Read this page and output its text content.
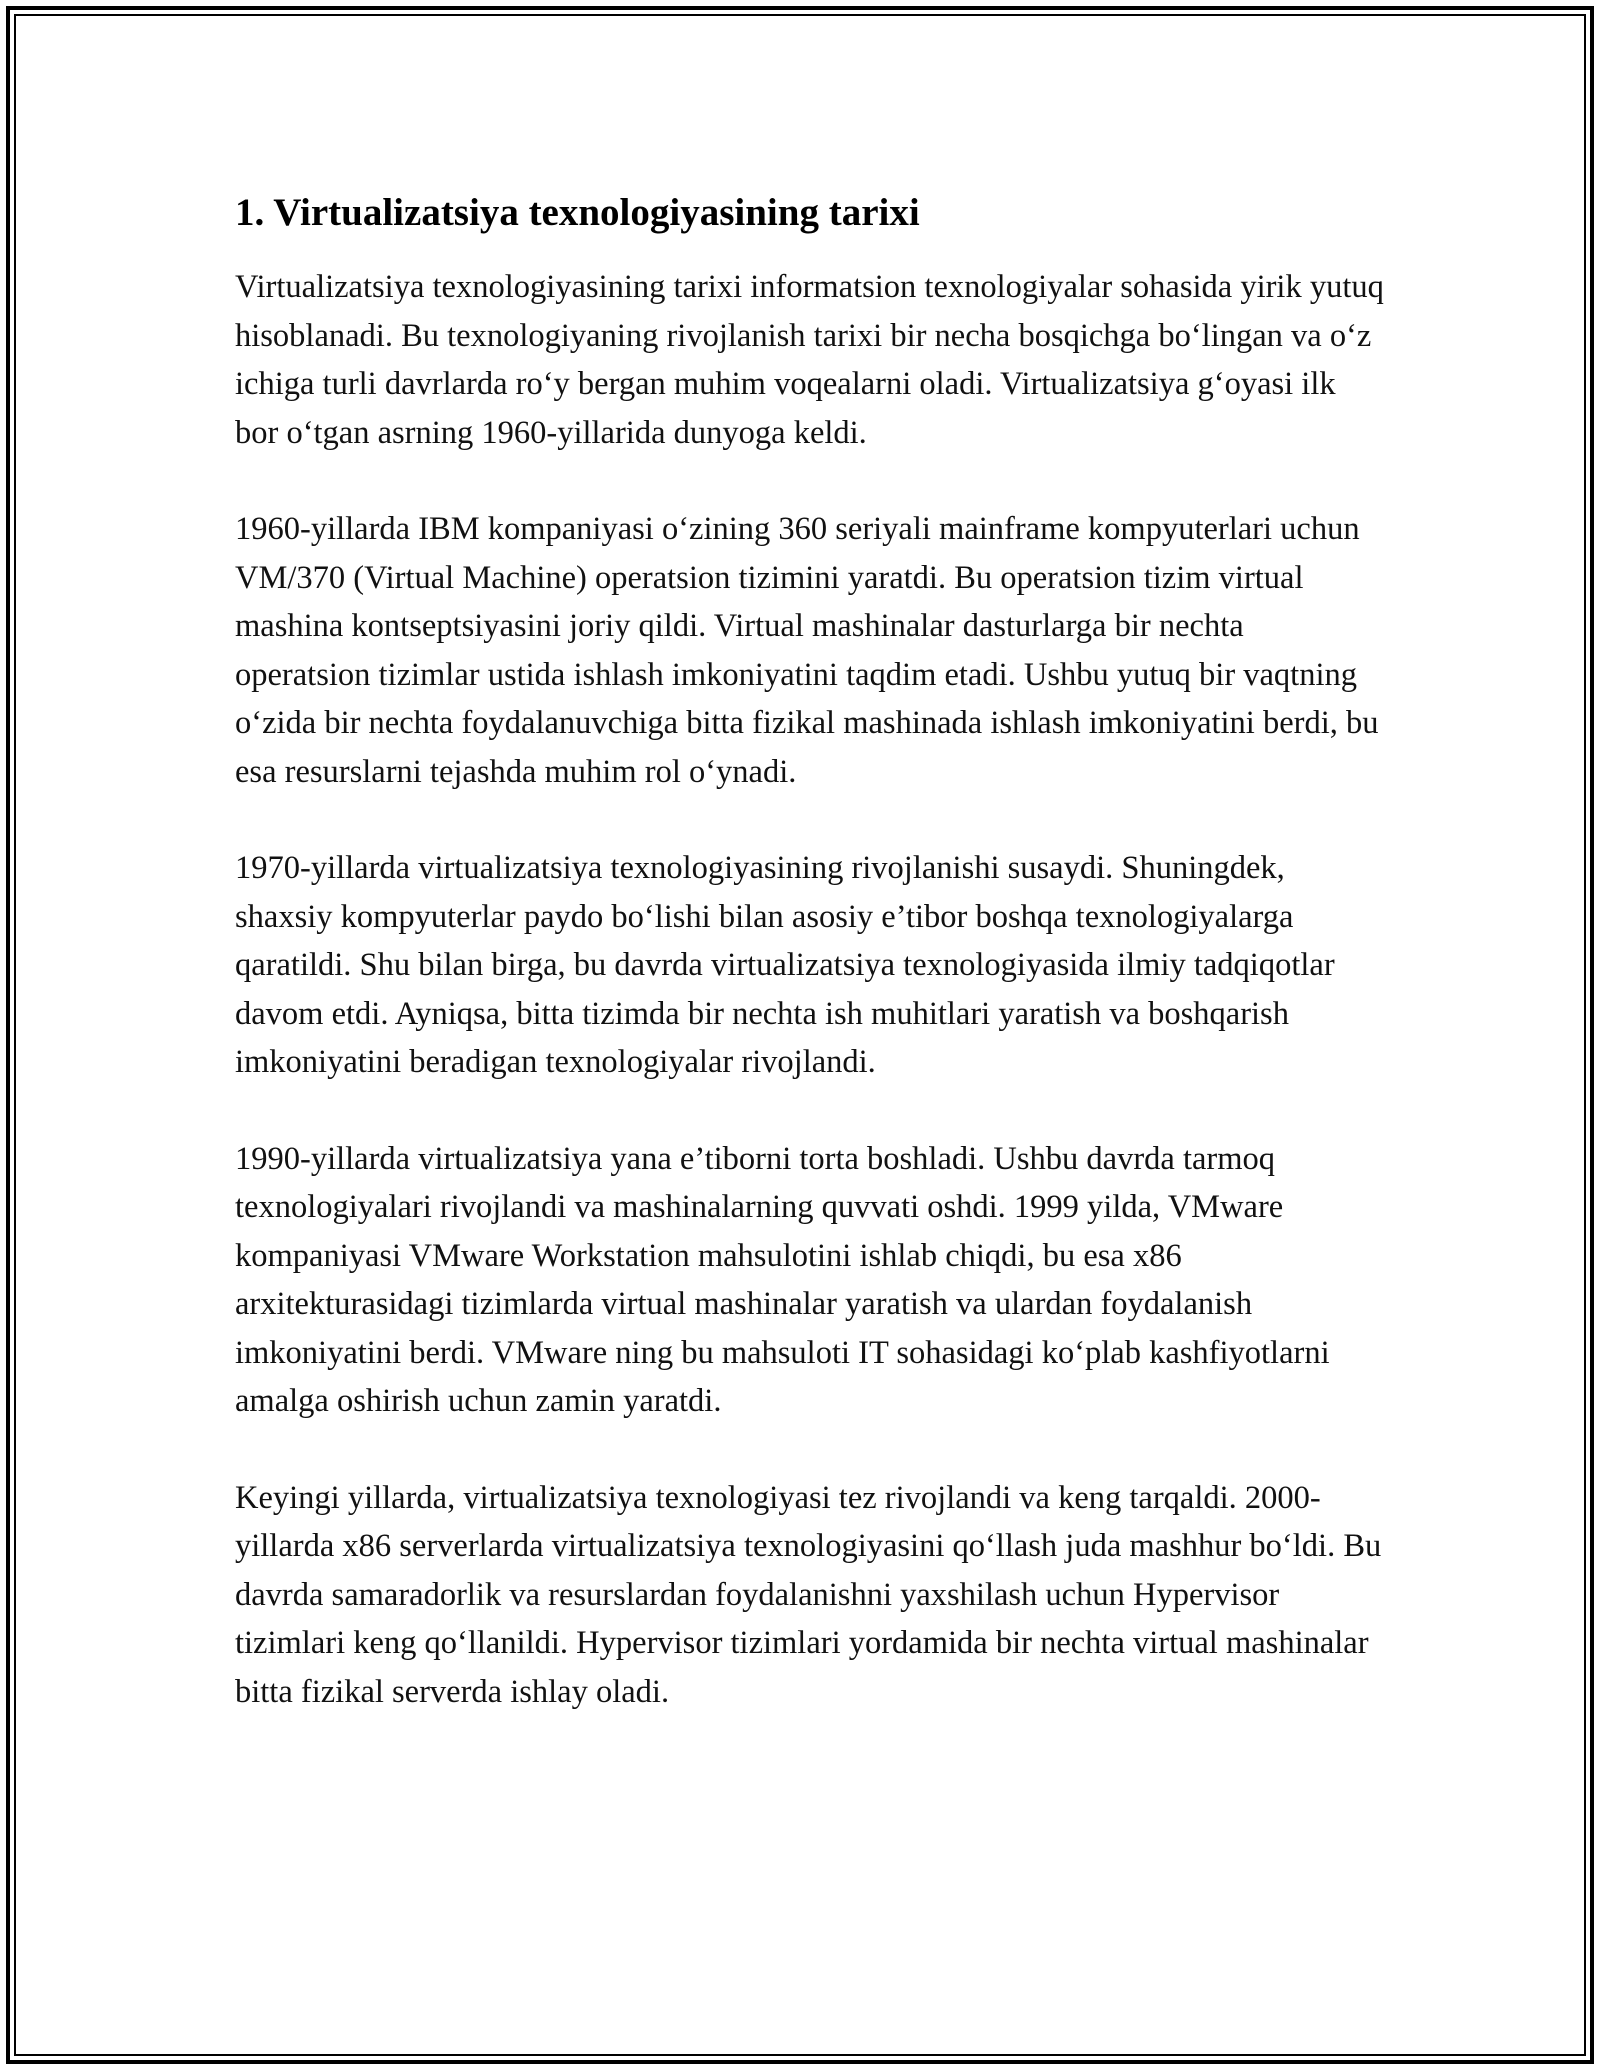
1. Virtualizatsiya texnologiyasining tarixi

Virtualizatsiya texnologiyasining tarixi informatsion texnologiyalar sohasida yirik yutuq hisoblanadi. Bu texnologiyaning rivojlanish tarixi bir necha bosqichga bo‘lingan va o‘z ichiga turli davrlarda ro‘y bergan muhim voqealarni oladi. Virtualizatsiya g‘oyasi ilk bor o‘tgan asrning 1960-yillarida dunyoga keldi.

1960-yillarda IBM kompaniyasi o‘zining 360 seriyali mainframe kompyuterlari uchun VM/370 (Virtual Machine) operatsion tizimini yaratdi. Bu operatsion tizim virtual mashina kontseptsiyasini joriy qildi. Virtual mashinalar dasturlarga bir nechta operatsion tizimlar ustida ishlash imkoniyatini taqdim etadi. Ushbu yutuq bir vaqtning o‘zida bir nechta foydalanuvchiga bitta fizikal mashinada ishlash imkoniyatini berdi, bu esa resurslarni tejashda muhim rol o‘ynadi.

1970-yillarda virtualizatsiya texnologiyasining rivojlanishi susaydi. Shuningdek, shaxsiy kompyuterlar paydo bo‘lishi bilan asosiy e’tibor boshqa texnologiyalarga qaratildi. Shu bilan birga, bu davrda virtualizatsiya texnologiyasida ilmiy tadqiqotlar davom etdi. Ayniqsa, bitta tizimda bir nechta ish muhitlari yaratish va boshqarish imkoniyatini beradigan texnologiyalar rivojlandi.

1990-yillarda virtualizatsiya yana e’tiborni torta boshladi. Ushbu davrda tarmoq texnologiyalari rivojlandi va mashinalarning quvvati oshdi. 1999 yilda, VMware kompaniyasi VMware Workstation mahsulotini ishlab chiqdi, bu esa x86 arxitekturasidagi tizimlarda virtual mashinalar yaratish va ulardan foydalanish imkoniyatini berdi. VMware ning bu mahsuloti IT sohasidagi ko‘plab kashfiyotlarni amalga oshirish uchun zamin yaratdi.

Keyingi yillarda, virtualizatsiya texnologiyasi tez rivojlandi va keng tarqaldi. 2000-yillarda x86 serverlarda virtualizatsiya texnologiyasini qo‘llash juda mashhur bo‘ldi. Bu davrda samaradorlik va resurslardan foydalanishni yaxshilash uchun Hypervisor tizimlari keng qo‘llanildi. Hypervisor tizimlari yordamida bir nechta virtual mashinalar bitta fizikal serverda ishlay oladi.
